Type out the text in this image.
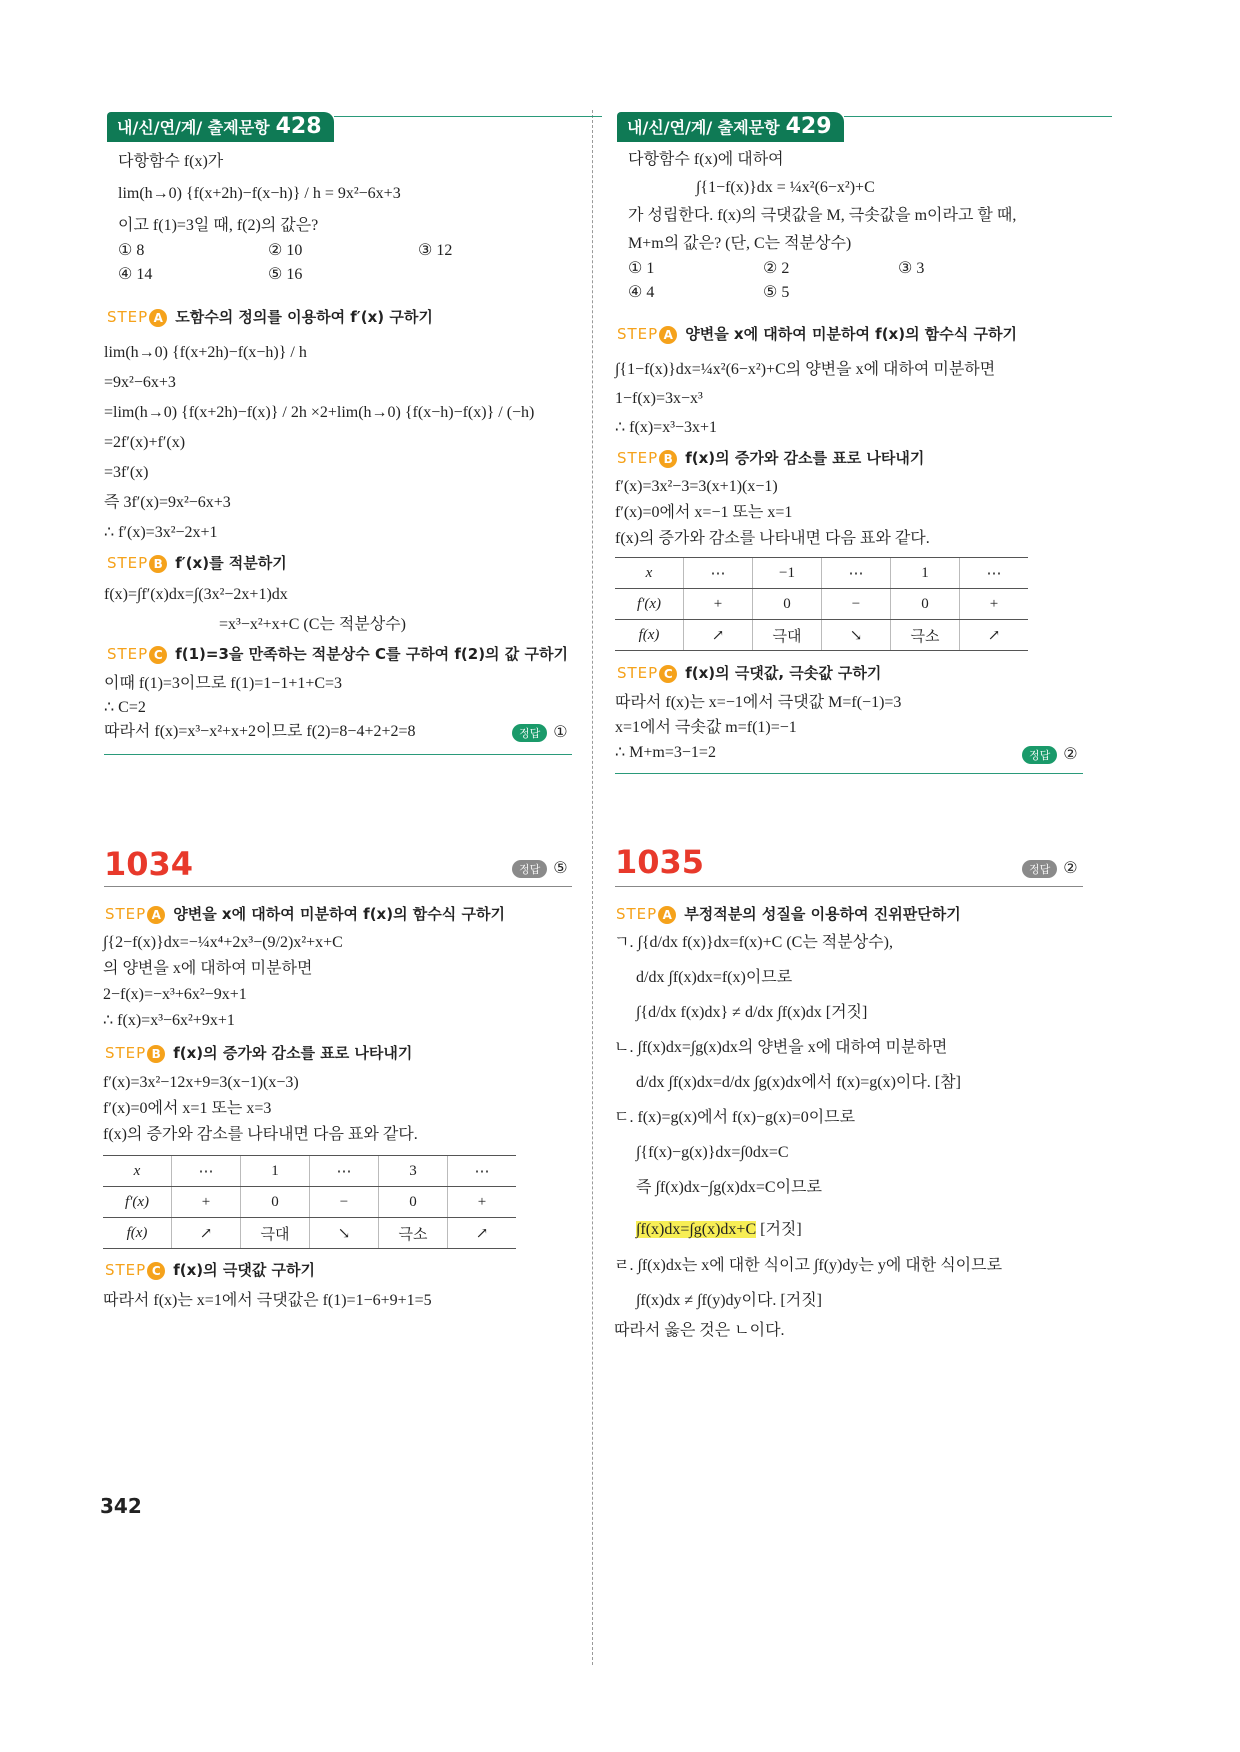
내/신/연/계/ 출제문항 428
다항함수 f(x)가
lim(h→0) {f(x+2h)−f(x−h)} / h = 9x²−6x+3
이고 f(1)=3일 때, f(2)의 값은?
① 8	② 10	③ 12
④ 14	⑤ 16
STEP A 도함수의 정의를 이용하여 f′(x) 구하기
lim(h→0) {f(x+2h)−f(x−h)} / h
=9x²−6x+3
=lim(h→0) {f(x+2h)−f(x)} / 2h ×2+lim(h→0) {f(x−h)−f(x)} / (−h)
=2f′(x)+f′(x)
=3f′(x)
즉 3f′(x)=9x²−6x+3
∴ f′(x)=3x²−2x+1
STEP B f′(x)를 적분하기
f(x)=∫f′(x)dx=∫(3x²−2x+1)dx
=x³−x²+x+C (C는 적분상수)
STEP C f(1)=3을 만족하는 적분상수 C를 구하여 f(2)의 값 구하기
이때 f(1)=3이므로 f(1)=1−1+1+C=3
∴ C=2
따라서 f(x)=x³−x²+x+2이므로 f(2)=8−4+2+2=8	정답 ①
내/신/연/계/ 출제문항 429
다항함수 f(x)에 대하여
∫{1−f(x)}dx = ¼x²(6−x²)+C
가 성립한다. f(x)의 극댓값을 M, 극솟값을 m이라고 할 때,
M+m의 값은? (단, C는 적분상수)
① 1	② 2	③ 3
④ 4	⑤ 5
STEP A 양변을 x에 대하여 미분하여 f(x)의 함수식 구하기
∫{1−f(x)}dx=¼x²(6−x²)+C의 양변을 x에 대하여 미분하면
1−f(x)=3x−x³
∴ f(x)=x³−3x+1
STEP B f(x)의 증가와 감소를 표로 나타내기
f′(x)=3x²−3=3(x+1)(x−1)
f′(x)=0에서 x=−1 또는 x=1
f(x)의 증가와 감소를 나타내면 다음 표와 같다.
x	⋯	−1	⋯	1	⋯
f′(x)	+	0	−	0	+
f(x)	↗	극대	↘	극소	↗
STEP C f(x)의 극댓값, 극솟값 구하기
따라서 f(x)는 x=−1에서 극댓값 M=f(−1)=3
x=1에서 극솟값 m=f(1)=−1
∴ M+m=3−1=2	정답 ②
1034	정답 ⑤
STEP A 양변을 x에 대하여 미분하여 f(x)의 함수식 구하기
∫{2−f(x)}dx=−¼x⁴+2x³−(9/2)x²+x+C
의 양변을 x에 대하여 미분하면
2−f(x)=−x³+6x²−9x+1
∴ f(x)=x³−6x²+9x+1
STEP B f(x)의 증가와 감소를 표로 나타내기
f′(x)=3x²−12x+9=3(x−1)(x−3)
f′(x)=0에서 x=1 또는 x=3
f(x)의 증가와 감소를 나타내면 다음 표와 같다.
x	⋯	1	⋯	3	⋯
f′(x)	+	0	−	0	+
f(x)	↗	극대	↘	극소	↗
STEP C f(x)의 극댓값 구하기
따라서 f(x)는 x=1에서 극댓값은 f(1)=1−6+9+1=5
1035	정답 ②
STEP A 부정적분의 성질을 이용하여 진위판단하기
ㄱ. ∫{d/dx f(x)}dx=f(x)+C (C는 적분상수),
d/dx ∫f(x)dx=f(x)이므로
∫{d/dx f(x)dx} ≠ d/dx ∫f(x)dx [거짓]
ㄴ. ∫f(x)dx=∫g(x)dx의 양변을 x에 대하여 미분하면
d/dx ∫f(x)dx=d/dx ∫g(x)dx에서 f(x)=g(x)이다. [참]
ㄷ. f(x)=g(x)에서 f(x)−g(x)=0이므로
∫{f(x)−g(x)}dx=∫0dx=C
즉 ∫f(x)dx−∫g(x)dx=C이므로
∫f(x)dx=∫g(x)dx+C [거짓]
ㄹ. ∫f(x)dx는 x에 대한 식이고 ∫f(y)dy는 y에 대한 식이므로
∫f(x)dx ≠ ∫f(y)dy이다. [거짓]
따라서 옳은 것은 ㄴ이다.
342
